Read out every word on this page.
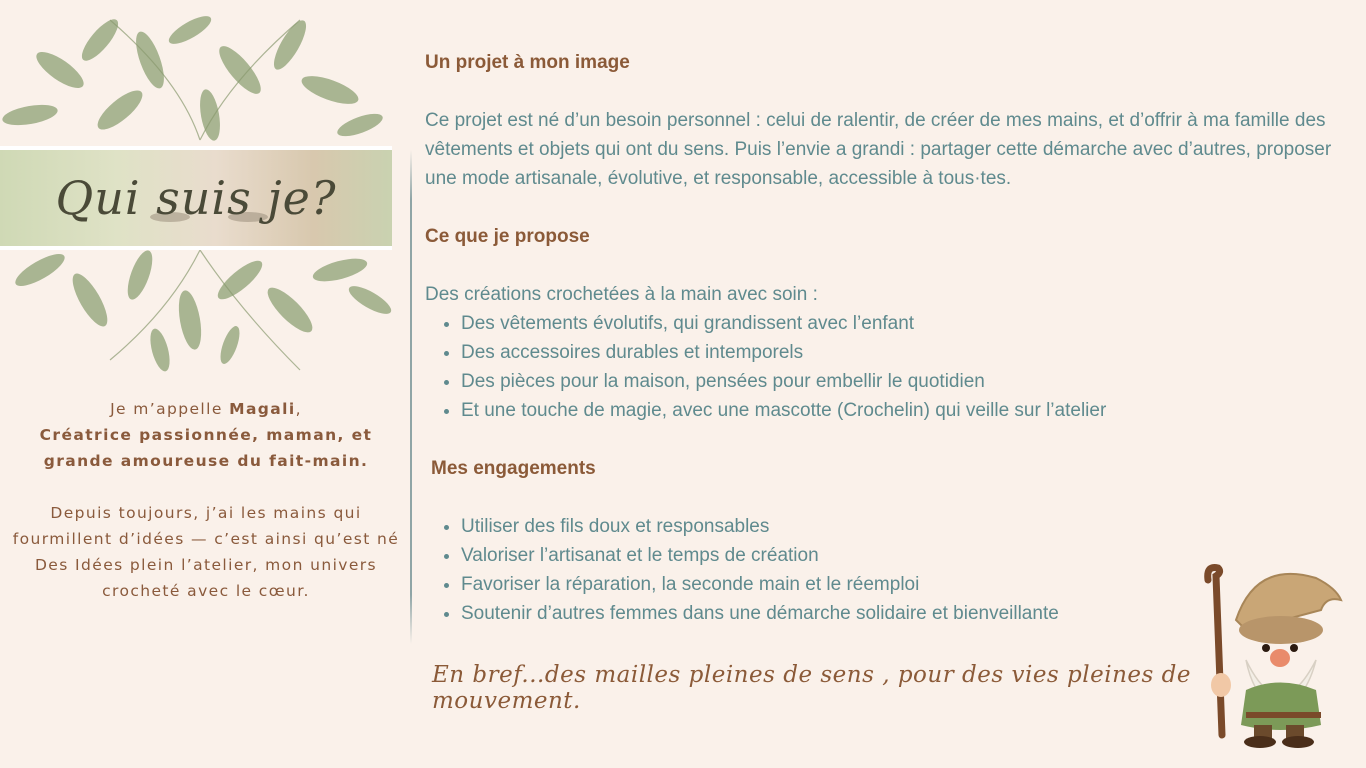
Qui suis je?

Je m’appelle Magali,

Créatrice passionnée, maman, et grande amoureuse du fait-main.

Depuis toujours, j’ai les mains qui fourmillent d’idées — c’est ainsi qu’est né Des Idées plein l’atelier, mon univers crocheté avec le cœur.

Un projet à mon image

Ce projet est né d’un besoin personnel : celui de ralentir, de créer de mes mains, et d’offrir à ma famille des vêtements et objets qui ont du sens. Puis l’envie a grandi : partager cette démarche avec d’autres, proposer une mode artisanale, évolutive, et responsable, accessible à tous·tes.

Ce que je propose

Des créations crochetées à la main avec soin :

• Des vêtements évolutifs, qui grandissent avec l’enfant
• Des accessoires durables et intemporels
• Des pièces pour la maison, pensées pour embellir le quotidien
• Et une touche de magie, avec une mascotte (Crochelin) qui veille sur l’atelier
Mes engagements
• Utiliser des fils doux et responsables
• Valoriser l’artisanat et le temps de création
• Favoriser la réparation, la seconde main et le réemploi
• Soutenir d’autres femmes dans une démarche solidaire et bienveillante
En bref...des mailles pleines de sens , pour des vies pleines de mouvement.
